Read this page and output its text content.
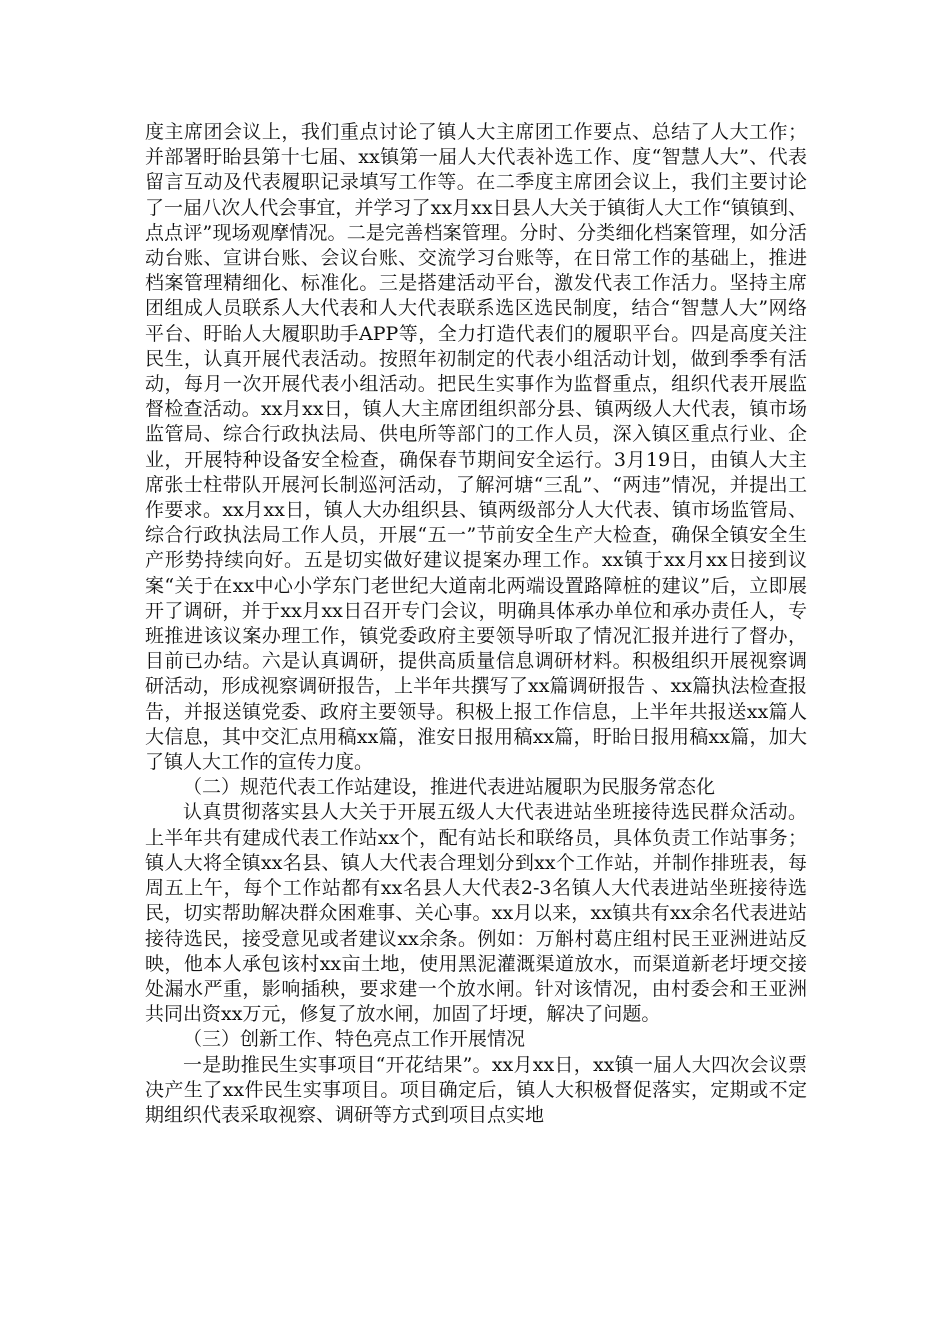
度主席团会议上，我们重点讨论了镇人大主席团工作要点、总结了人大工作；并部署盱眙县第十七届、xx镇第一届人大代表补选工作、度“智慧人大”、代表留言互动及代表履职记录填写工作等。在二季度主席团会议上，我们主要讨论了一届八次人代会事宜，并学习了xx月xx日县人大关于镇街人大工作“镇镇到、点点评”现场观摩情况。二是完善档案管理。分时、分类细化档案管理，如分活动台账、宣讲台账、会议台账、交流学习台账等，在日常工作的基础上，推进档案管理精细化、标准化。三是搭建活动平台，激发代表工作活力。坚持主席团组成人员联系人大代表和人大代表联系选区选民制度，结合“智慧人大”网络平台、盱眙人大履职助手APP等，全力打造代表们的履职平台。四是高度关注民生，认真开展代表活动。按照年初制定的代表小组活动计划，做到季季有活动，每月一次开展代表小组活动。把民生实事作为监督重点，组织代表开展监督检查活动。xx月xx日，镇人大主席团组织部分县、镇两级人大代表，镇市场监管局、综合行政执法局、供电所等部门的工作人员，深入镇区重点行业、企业，开展特种设备安全检查，确保春节期间安全运行。3月19日，由镇人大主席张士柱带队开展河长制巡河活动，了解河塘“三乱”、“两违”情况，并提出工作要求。xx月xx日，镇人大办组织县、镇两级部分人大代表、镇市场监管局、综合行政执法局工作人员，开展“五一”节前安全生产大检查，确保全镇安全生产形势持续向好。五是切实做好建议提案办理工作。xx镇于xx月xx日接到议案“关于在xx中心小学东门老世纪大道南北两端设置路障桩的建议”后，立即展开了调研，并于xx月xx日召开专门会议，明确具体承办单位和承办责任人，专班推进该议案办理工作，镇党委政府主要领导听取了情况汇报并进行了督办，目前已办结。六是认真调研，提供高质量信息调研材料。积极组织开展视察调研活动，形成视察调研报告，上半年共撰写了xx篇调研报告 、xx篇执法检查报告，并报送镇党委、政府主要领导。积极上报工作信息，上半年共报送xx篇人大信息，其中交汇点用稿xx篇，淮安日报用稿xx篇，盱眙日报用稿xx篇，加大了镇人大工作的宣传力度。

（二）规范代表工作站建设，推进代表进站履职为民服务常态化

认真贯彻落实县人大关于开展五级人大代表进站坐班接待选民群众活动。上半年共有建成代表工作站xx个，配有站长和联络员，具体负责工作站事务；镇人大将全镇xx名县、镇人大代表合理划分到xx个工作站，并制作排班表，每周五上午，每个工作站都有xx名县人大代表2-3名镇人大代表进站坐班接待选民，切实帮助解决群众困难事、关心事。xx月以来，xx镇共有xx余名代表进站接待选民，接受意见或者建议xx余条。例如：万斛村葛庄组村民王亚洲进站反映，他本人承包该村xx亩土地，使用黑泥灌溉渠道放水，而渠道新老圩埂交接处漏水严重，影响插秧，要求建一个放水闸。针对该情况，由村委会和王亚洲共同出资xx万元，修复了放水闸，加固了圩埂，解决了问题。

（三）创新工作、特色亮点工作开展情况

一是助推民生实事项目“开花结果”。xx月xx日，xx镇一届人大四次会议票决产生了xx件民生实事项目。项目确定后，镇人大积极督促落实，定期或不定期组织代表采取视察、调研等方式到项目点实地
